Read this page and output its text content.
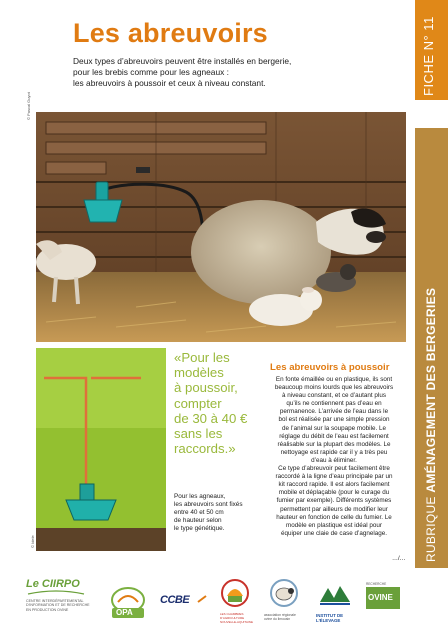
Les abreuvoirs
Deux types d’abreuvoirs peuvent être installés en bergerie,
pour les brebis comme pour les agneaux :
les abreuvoirs à poussoir et ceux à niveau constant.	FICHE N° 11
RUBRIQUE AMÉNAGEMENT DES BERGERIES
© Pascal Guyot
© Idele
«Pour les
modèles
à poussoir,
compter
de 30 à 40 €
sans les
raccords.»
Pour les agneaux,
les abreuvoirs sont fixés
entre 40 et 50 cm
de hauteur selon
le type génétique.
Les abreuvoirs à poussoir
En fonte émaillée ou en plastique, ils sont
beaucoup moins lourds que les abreuvoirs
à niveau constant, et ce d’autant plus
qu’ils ne contiennent pas d’eau en
permanence. L’arrivée de l’eau dans le
bol est réalisée par une simple pression
de l’animal sur la soupape mobile. Le
réglage du débit de l’eau est facilement
réalisable sur la plupart des modèles. Le
nettoyage est rapide car il y a très peu
d’eau à éliminer.
Ce type d’abreuvoir peut facilement être
raccordé à la ligne d’eau principale par un
kit raccord rapide. Il est alors facilement
mobile et déplaçable (pour le curage du
fumier par exemple). Différents systèmes
permettent par ailleurs de modifier leur
hauteur en fonction de celle du fumier. Le
modèle en plastique est idéal pour
équiper une claie de case d’agnelage.
…/…
Le CIIRPO
CENTRE INTERDÉPARTEMENTAL
D’INFORMATION ET DE RECHERCHE
EN PRODUCTION OVINE	OPA
CCBE
LES CHAMBRES
D’AGRICULTURE
NOUVELLE-AQUITAINE
association régionale
ovine du limousin
INSTITUT DE
L’ÉLEVAGE
RECHERCHE
OVINE
